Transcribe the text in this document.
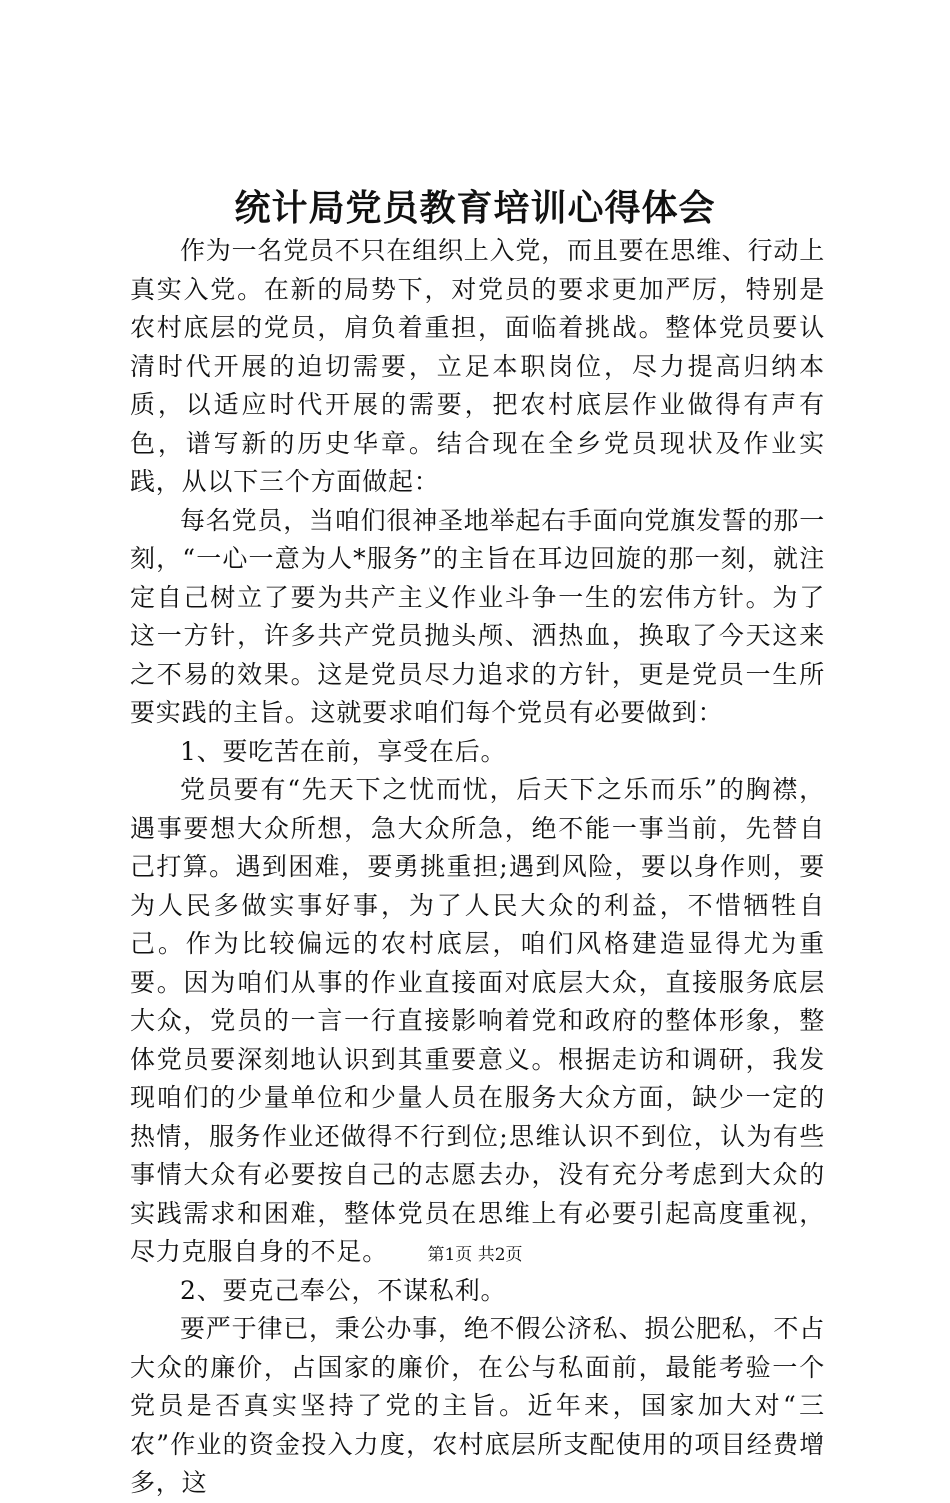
统计局党员教育培训心得体会

作为一名党员不只在组织上入党，而且要在思维、行动上真实入党。在新的局势下，对党员的要求更加严厉，特别是农村底层的党员，肩负着重担，面临着挑战。整体党员要认清时代开展的迫切需要，立足本职岗位，尽力提高归纳本质，以适应时代开展的需要，把农村底层作业做得有声有色，谱写新的历史华章。结合现在全乡党员现状及作业实践，从以下三个方面做起：

每名党员，当咱们很神圣地举起右手面向党旗发誓的那一刻，“一心一意为人*服务”的主旨在耳边回旋的那一刻，就注定自己树立了要为共产主义作业斗争一生的宏伟方针。为了这一方针，许多共产党员抛头颅、洒热血，换取了今天这来之不易的效果。这是党员尽力追求的方针，更是党员一生所要实践的主旨。这就要求咱们每个党员有必要做到：

1、要吃苦在前，享受在后。

党员要有“先天下之忧而忧，后天下之乐而乐”的胸襟，遇事要想大众所想，急大众所急，绝不能一事当前，先替自己打算。遇到困难，要勇挑重担;遇到风险，要以身作则，要为人民多做实事好事，为了人民大众的利益，不惜牺牲自己。作为比较偏远的农村底层，咱们风格建造显得尤为重要。因为咱们从事的作业直接面对底层大众，直接服务底层大众，党员的一言一行直接影响着党和政府的整体形象，整体党员要深刻地认识到其重要意义。根据走访和调研，我发现咱们的少量单位和少量人员在服务大众方面，缺少一定的热情，服务作业还做得不行到位;思维认识不到位，认为有些事情大众有必要按自己的志愿去办，没有充分考虑到大众的实践需求和困难，整体党员在思维上有必要引起高度重视，尽力克服自身的不足。

2、要克己奉公，不谋私利。

要严于律已，秉公办事，绝不假公济私、损公肥私，不占大众的廉价，占国家的廉价，在公与私面前，最能考验一个党员是否真实坚持了党的主旨。近年来，国家加大对“三农”作业的资金投入力度，农村底层所支配使用的项目经费增多，这

第1页 共2页
